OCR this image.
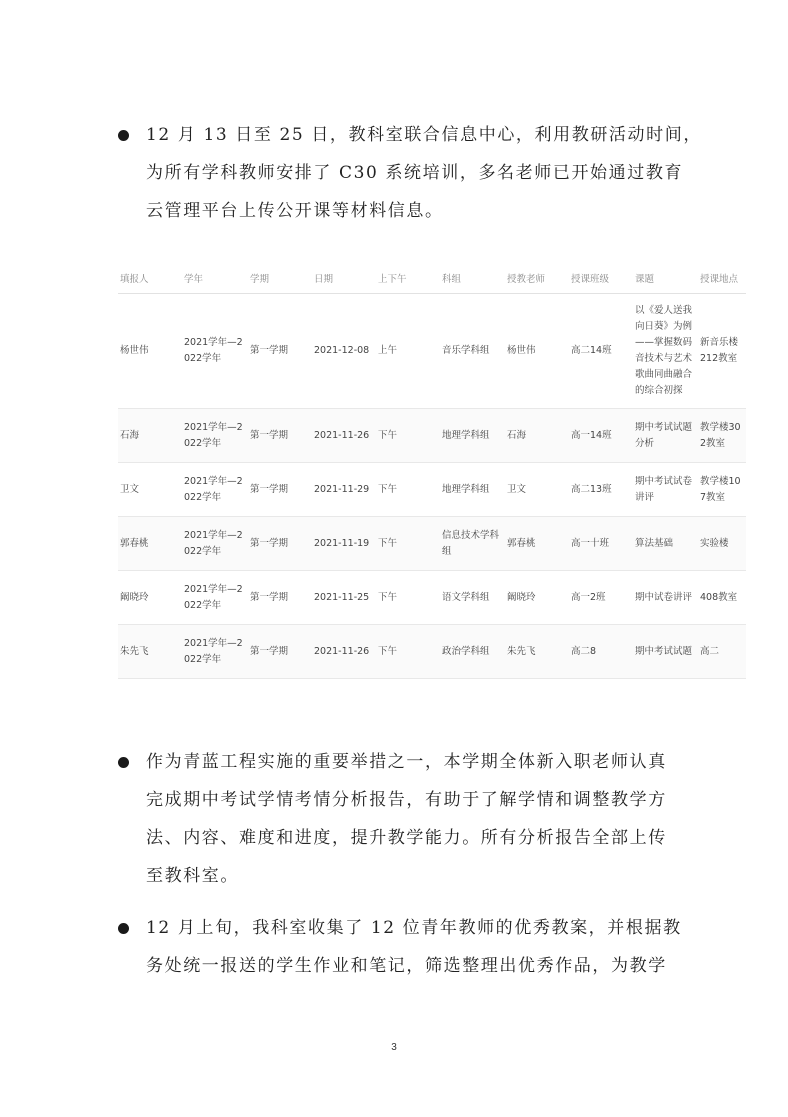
12 月 13 日至 25 日，教科室联合信息中心，利用教研活动时间，
为所有学科教师安排了 C30 系统培训，多名老师已开始通过教育
云管理平台上传公开课等材料信息。
填报人	学年	学期	日期	上下午	科组	授教老师	授课班级	课题	授课地点
杨世伟	2021学年—2022学年	第一学期	2021-12-08	上午	音乐学科组	杨世伟	高二14班	以《爱人送我向日葵》为例——掌握数码音技术与艺术歌曲同曲融合的综合初探	新音乐楼212教室
石海	2021学年—2022学年	第一学期	2021-11-26	下午	地理学科组	石海	高一14班	期中考试试题分析	教学楼302教室
卫文	2021学年—2022学年	第一学期	2021-11-29	下午	地理学科组	卫文	高二13班	期中考试试卷讲评	教学楼107教室
郭春桃	2021学年—2022学年	第一学期	2021-11-19	下午	信息技术学科组	郭春桃	高一十班	算法基础	实验楼
阚晓玲	2021学年—2022学年	第一学期	2021-11-25	下午	语文学科组	阚晓玲	高一2班	期中试卷讲评	408教室
朱先飞	2021学年—2022学年	第一学期	2021-11-26	下午	政治学科组	朱先飞	高二8	期中考试试题	高二
作为青蓝工程实施的重要举措之一，本学期全体新入职老师认真
完成期中考试学情考情分析报告，有助于了解学情和调整教学方
法、内容、难度和进度，提升教学能力。所有分析报告全部上传
至教科室。
12 月上旬，我科室收集了 12 位青年教师的优秀教案，并根据教
务处统一报送的学生作业和笔记，筛选整理出优秀作品，为教学
3
